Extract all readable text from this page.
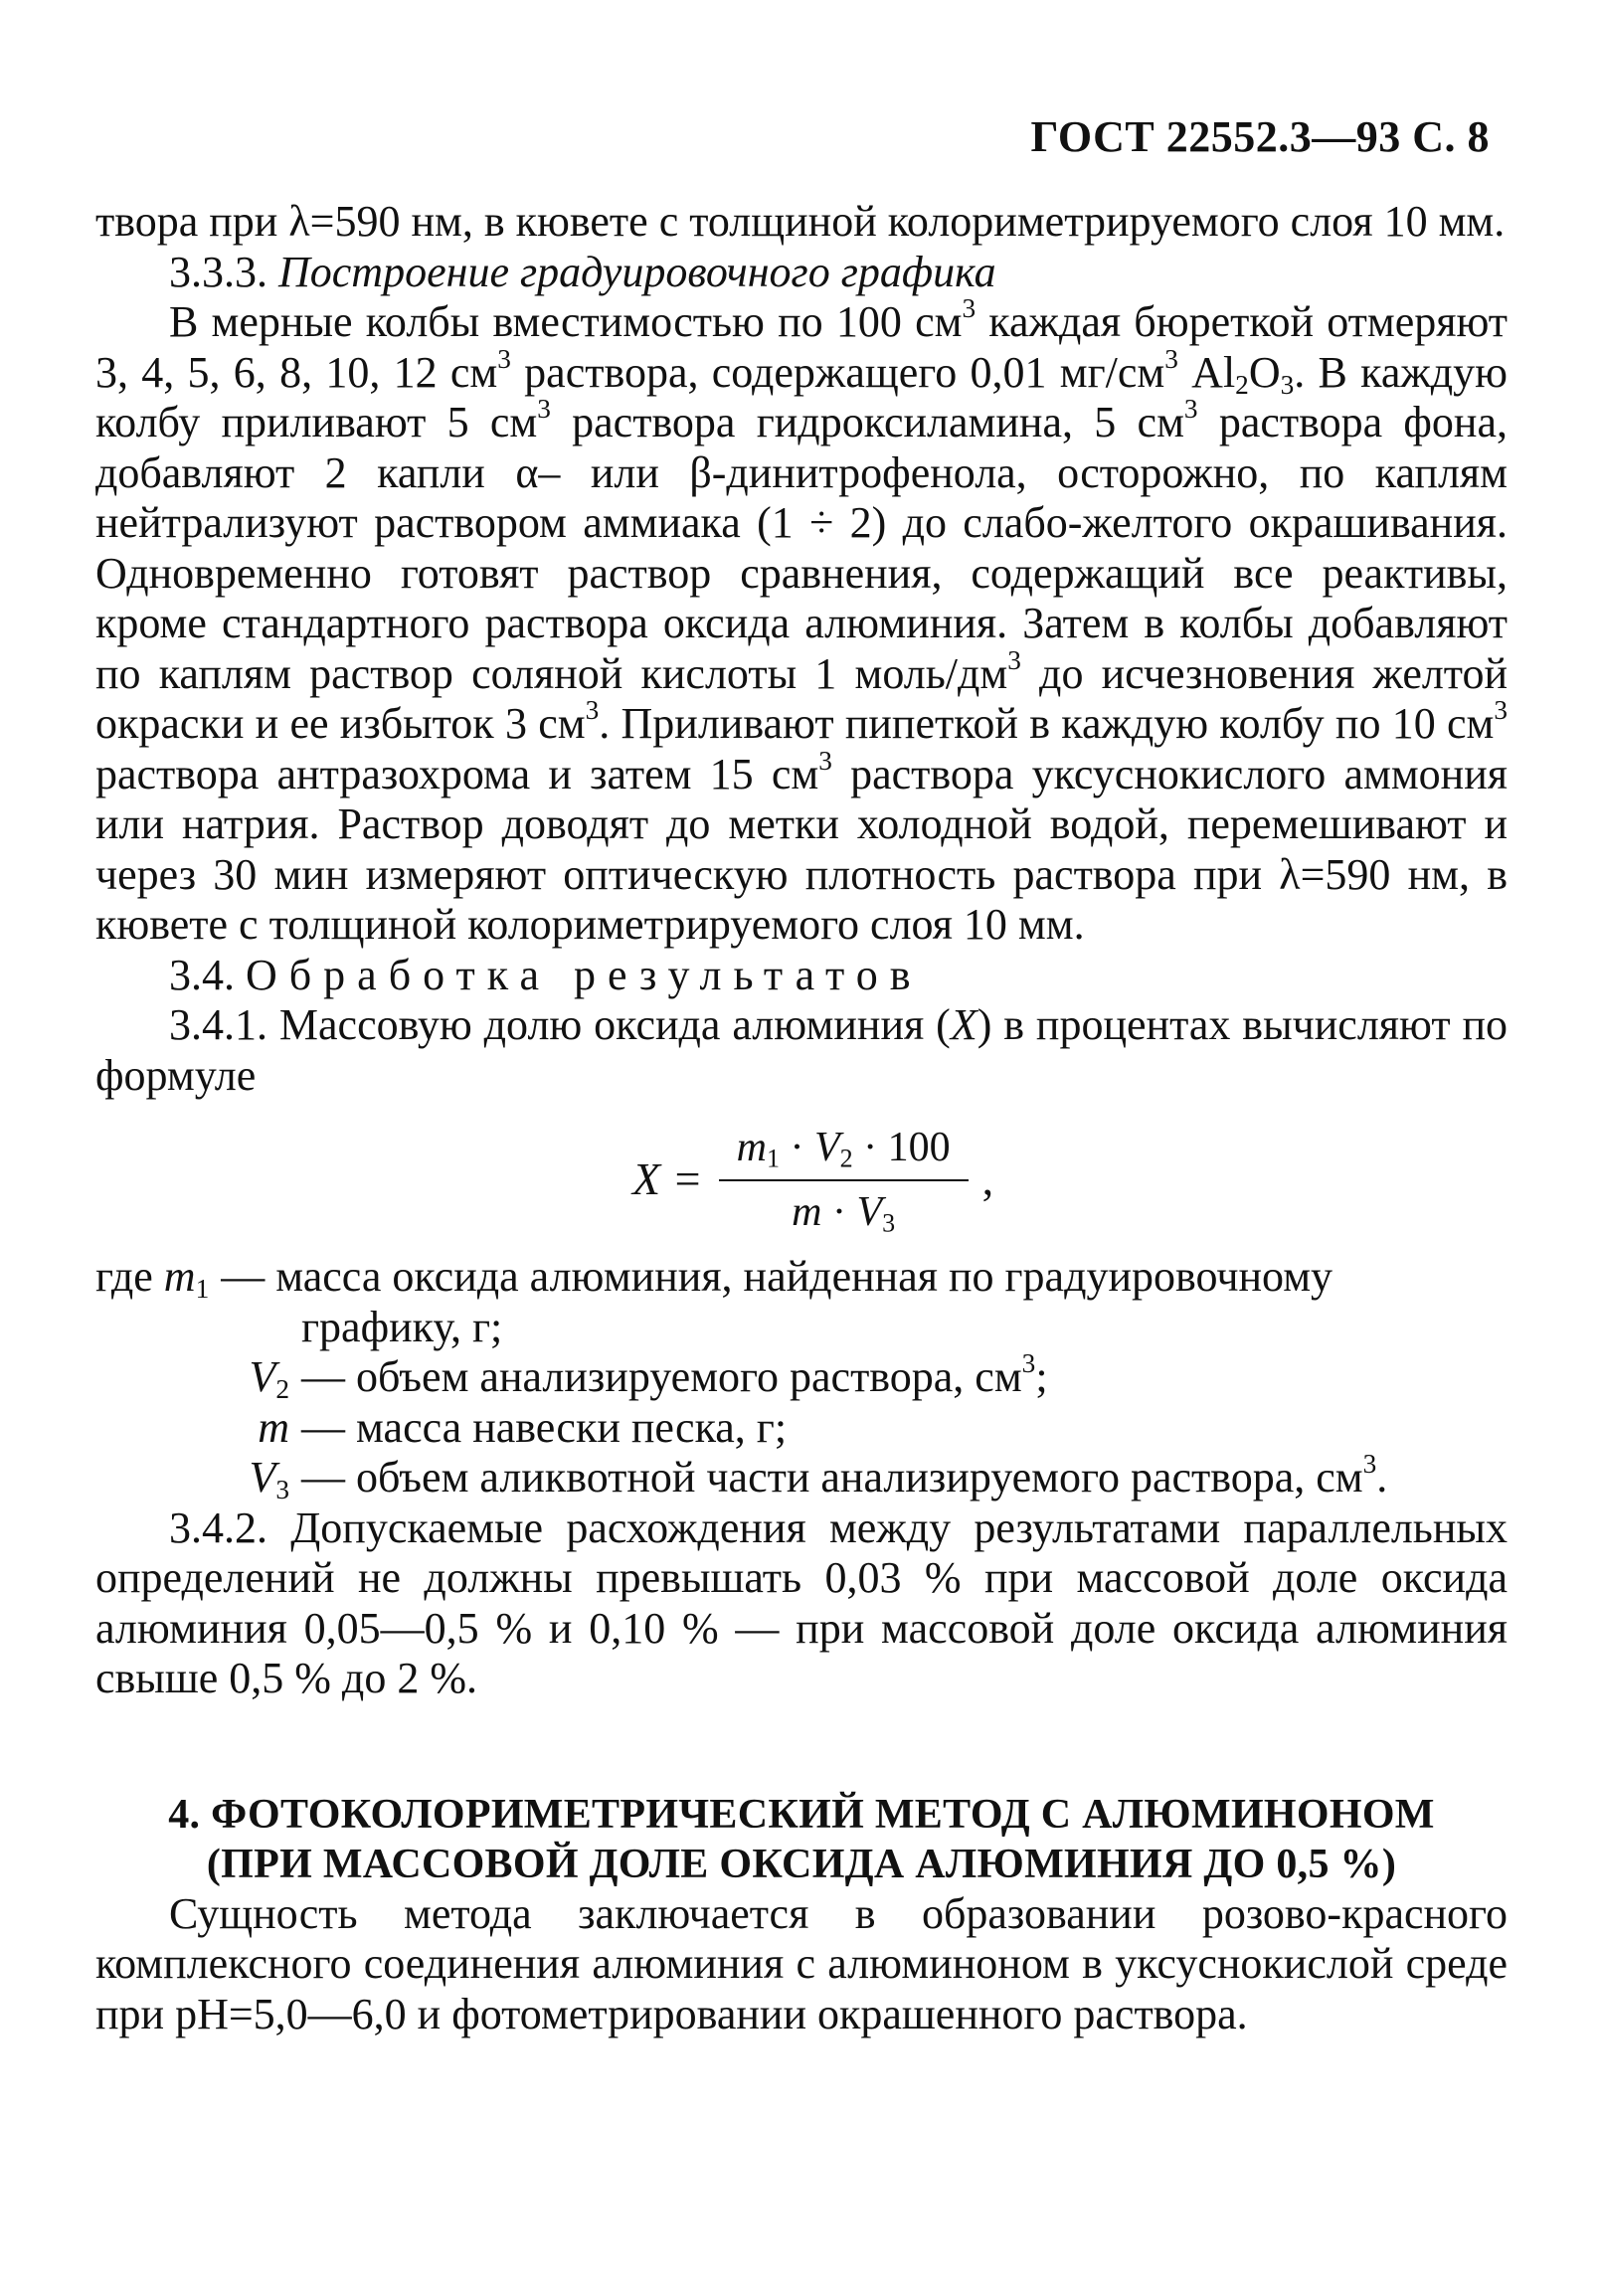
ГОСТ 22552.3—93 С. 8

твора при λ=590 нм, в кювете с толщиной колориметрируемого слоя 10 мм.

3.3.3. Построение градуировочного графика

В мерные колбы вместимостью по 100 $см^3$ каждая бюреткой отмеряют 3, 4, 5, 6, 8, 10, 12 $см^3$ раствора, содержащего 0,01 $мг/см^3$ $Al_2O_3$. В каждую колбу приливают 5 $см^3$ раствора гидроксиламина, 5 $см^3$ раствора фона, добавляют 2 капли α– или β-динитрофенола, осторожно, по каплям нейтрализуют раствором аммиака (1 ÷ 2) до слабо-желтого окрашивания. Одновременно готовят раствор сравнения, содержащий все реактивы, кроме стандартного раствора оксида алюминия. Затем в колбы добавляют по каплям раствор соляной кислоты 1 моль/$дм^3$ до исчезновения желтой окраски и ее избыток 3 $см^3$. Приливают пипеткой в каждую колбу по 10 $см^3$ раствора антразохрома и затем 15 $см^3$ раствора уксуснокислого аммония или натрия. Раствор доводят до метки холодной водой, перемешивают и через 30 мин измеряют оптическую плотность раствора при λ=590 нм, в кювете с толщиной колориметрируемого слоя 10 мм.

3.4. Обработка результатов

3.4.1. Массовую долю оксида алюминия (X) в процентах вычисляют по формуле

$X = \frac{m_1 \cdot V_2 \cdot 100}{m \cdot V_3}$ ,
где $m_1$ — масса оксида алюминия, найденная по градуировочному
графику, г;
$V_2$ — объем анализируемого раствора, $см^3$;
m — масса навески песка, г;
$V_3$ — объем аликвотной части анализируемого раствора, $см^3$.

3.4.2. Допускаемые расхождения между результатами параллельных определений не должны превышать 0,03 % при массовой доле оксида алюминия 0,05—0,5 % и 0,10 % — при массовой доле оксида алюминия свыше 0,5 % до 2 %.

4. ФОТОКОЛОРИМЕТРИЧЕСКИЙ МЕТОД С АЛЮМИНОНОМ

(ПРИ МАССОВОЙ ДОЛЕ ОКСИДА АЛЮМИНИЯ ДО 0,5 %)

Сущность метода заключается в образовании розово-красного комплексного соединения алюминия с алюминоном в уксуснокислой среде при pH=5,0—6,0 и фотометрировании окрашенного раствора.
